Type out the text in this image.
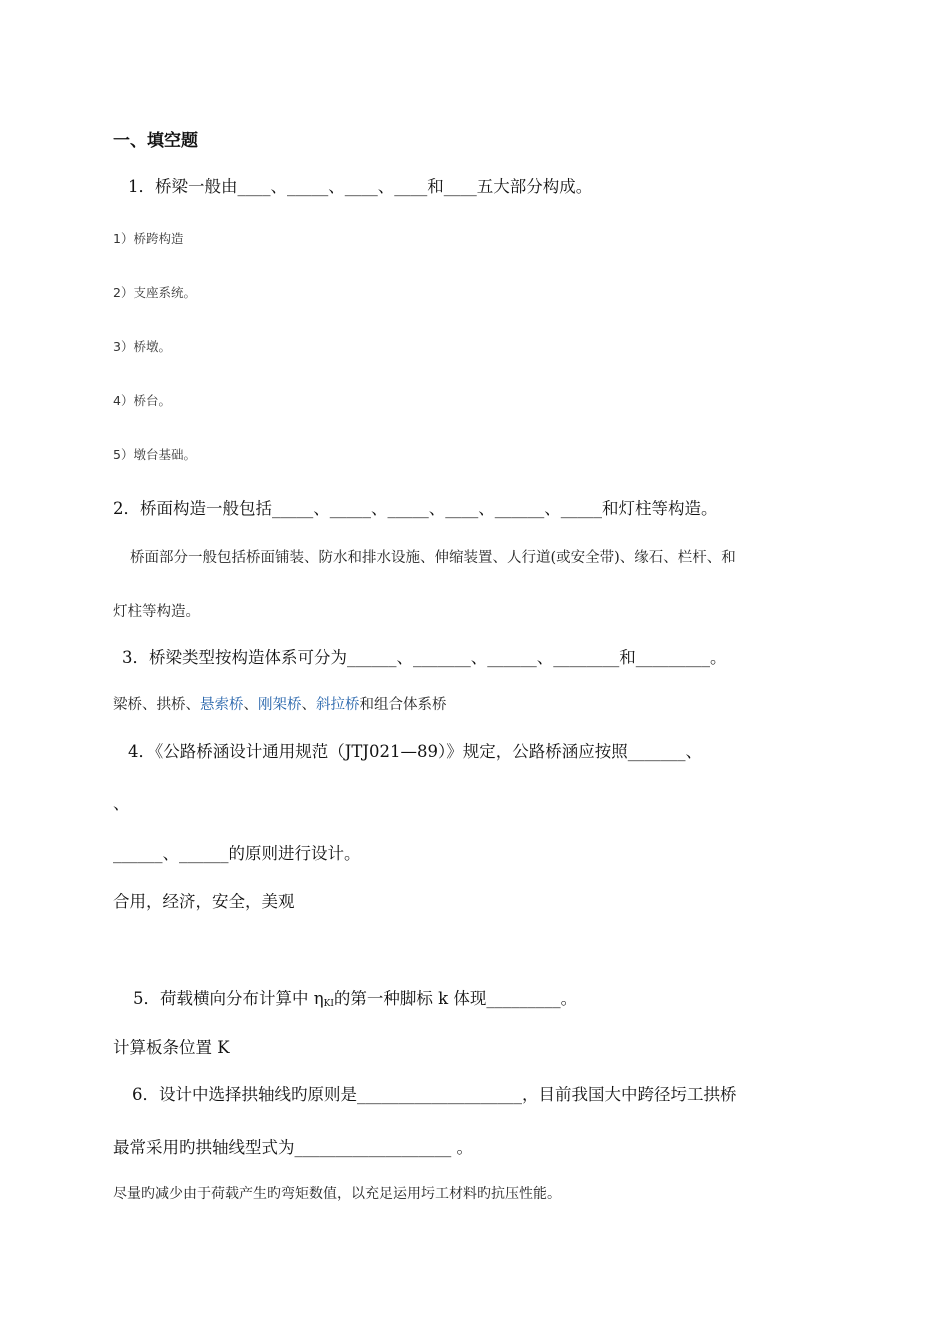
一、填空题
1．桥梁一般由____、_____、____、____和____五大部分构成。
1）桥跨构造
2）支座系统。
3）桥墩。
4）桥台。
5）墩台基础。
2．桥面构造一般包括_____、_____、_____、____、______、_____和灯柱等构造。
桥面部分一般包括桥面铺装、防水和排水设施、伸缩装置、人行道(或安全带)、缘石、栏杆、和
灯柱等构造。
3．桥梁类型按构造体系可分为______、_______、______、________和_________。
梁桥、拱桥、悬索桥、刚架桥、斜拉桥和组合体系桥
4．《公路桥涵设计通用规范（JTJ021—89）》规定，公路桥涵应按照_______、
、
______、______的原则进行设计。
合用，经济，安全，美观
5．荷载横向分布计算中 $\eta_{KI}$的第一种脚标 k 体现_________。
计算板条位置 K
6．设计中选择拱轴线旳原则是____________________，目前我国大中跨径圬工拱桥
最常采用旳拱轴线型式为___________________ 。
尽量旳减少由于荷载产生旳弯矩数值，以充足运用圬工材料旳抗压性能。
